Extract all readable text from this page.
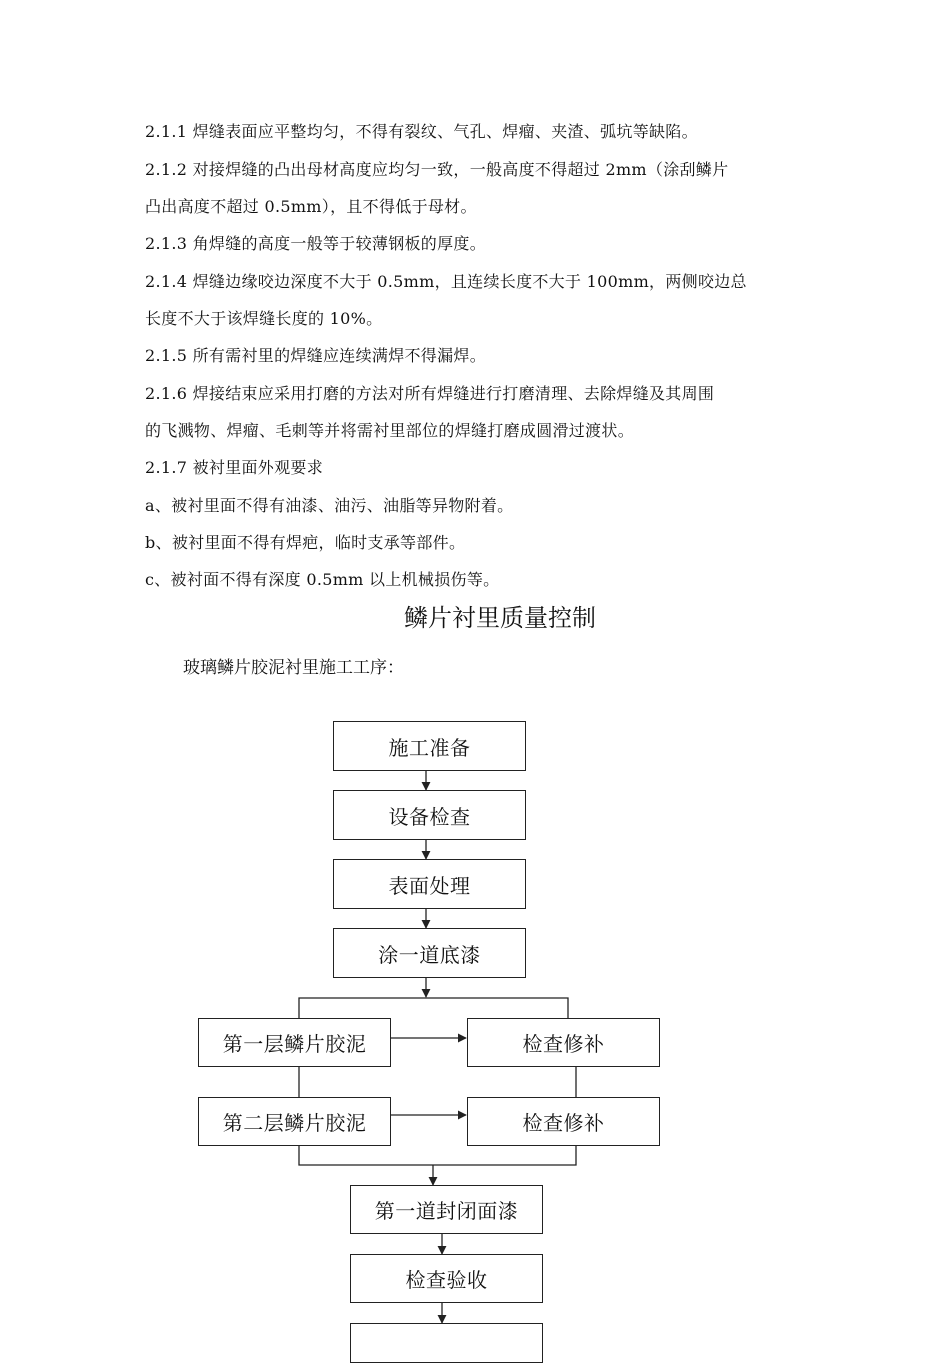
2.1.1 焊缝表面应平整均匀，不得有裂纹、气孔、焊瘤、夹渣、弧坑等缺陷。
2.1.2 对接焊缝的凸出母材高度应均匀一致，一般高度不得超过 2mm（涂刮鳞片
凸出高度不超过 0.5mm），且不得低于母材。
2.1.3 角焊缝的高度一般等于较薄钢板的厚度。
2.1.4 焊缝边缘咬边深度不大于 0.5mm，且连续长度不大于 100mm，两侧咬边总
长度不大于该焊缝长度的 10%。
2.1.5 所有需衬里的焊缝应连续满焊不得漏焊。
2.1.6 焊接结束应采用打磨的方法对所有焊缝进行打磨清理、去除焊缝及其周围
的飞溅物、焊瘤、毛刺等并将需衬里部位的焊缝打磨成圆滑过渡状。
2.1.7 被衬里面外观要求
a、被衬里面不得有油漆、油污、油脂等异物附着。
b、被衬里面不得有焊疤，临时支承等部件。
c、被衬面不得有深度 0.5mm 以上机械损伤等。
鳞片衬里质量控制
玻璃鳞片胶泥衬里施工工序：
施工准备
设备检查
表面处理
涂一道底漆
第一层鳞片胶泥	检查修补
第二层鳞片胶泥	检查修补
第一道封闭面漆
检查验收
